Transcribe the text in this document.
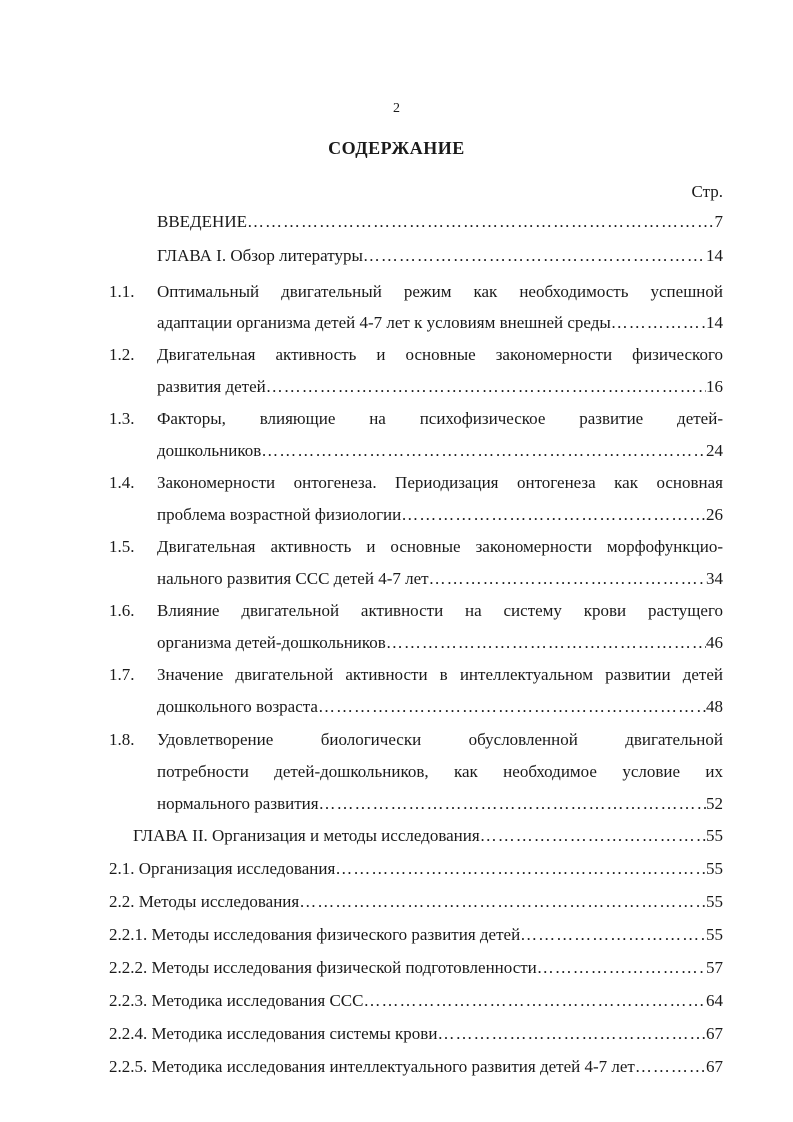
2
СОДЕРЖАНИЕ
Стр.
ВВЕДЕНИЕ ………………………………………………………………………………………………………………………………………………………………………………………………………	7
ГЛАВА I. Обзор литературы ………………………………………………………………………………………………………………………………………………………………………………………………………	14
1.1. Оптимальный двигательный режим как необходимость успешной
адаптации организма детей 4-7 лет к условиям внешней среды ………………………………………………………………………………………………………………………………………………………………………………………………………	14
1.2. Двигательная активность и основные закономерности физического
развития детей ………………………………………………………………………………………………………………………………………………………………………………………………………	16
1.3. Факторы, влияющие на психофизическое развитие детей-
дошкольников ………………………………………………………………………………………………………………………………………………………………………………………………………	24
1.4. Закономерности онтогенеза. Периодизация онтогенеза как основная
проблема возрастной физиологии ………………………………………………………………………………………………………………………………………………………………………………………………………	26
1.5. Двигательная активность и основные закономерности морфофункцио-
нального развития ССС детей 4-7 лет ………………………………………………………………………………………………………………………………………………………………………………………………………	34
1.6. Влияние двигательной активности на систему крови растущего
организма детей-дошкольников ………………………………………………………………………………………………………………………………………………………………………………………………………	46
1.7. Значение двигательной активности в интеллектуальном развитии детей
дошкольного возраста ………………………………………………………………………………………………………………………………………………………………………………………………………	48
1.8. Удовлетворение биологически обусловленной двигательной
потребности детей-дошкольников, как необходимое условие их
нормального развития ………………………………………………………………………………………………………………………………………………………………………………………………………	52
ГЛАВА II. Организация и методы исследования ………………………………………………………………………………………………………………………………………………………………………………………………………	55
2.1. Организация исследования ………………………………………………………………………………………………………………………………………………………………………………………………………	55
2.2. Методы исследования ………………………………………………………………………………………………………………………………………………………………………………………………………	55
2.2.1. Методы исследования физического развития детей ………………………………………………………………………………………………………………………………………………………………………………………………………	55
2.2.2. Методы исследования физической подготовленности ………………………………………………………………………………………………………………………………………………………………………………………………………	57
2.2.3. Методика исследования ССС ………………………………………………………………………………………………………………………………………………………………………………………………………	64
2.2.4. Методика исследования системы крови ………………………………………………………………………………………………………………………………………………………………………………………………………	67
2.2.5. Методика исследования интеллектуального развития детей 4-7 лет ………………………………………………………………………………………………………………………………………………………………………………………………………	67
